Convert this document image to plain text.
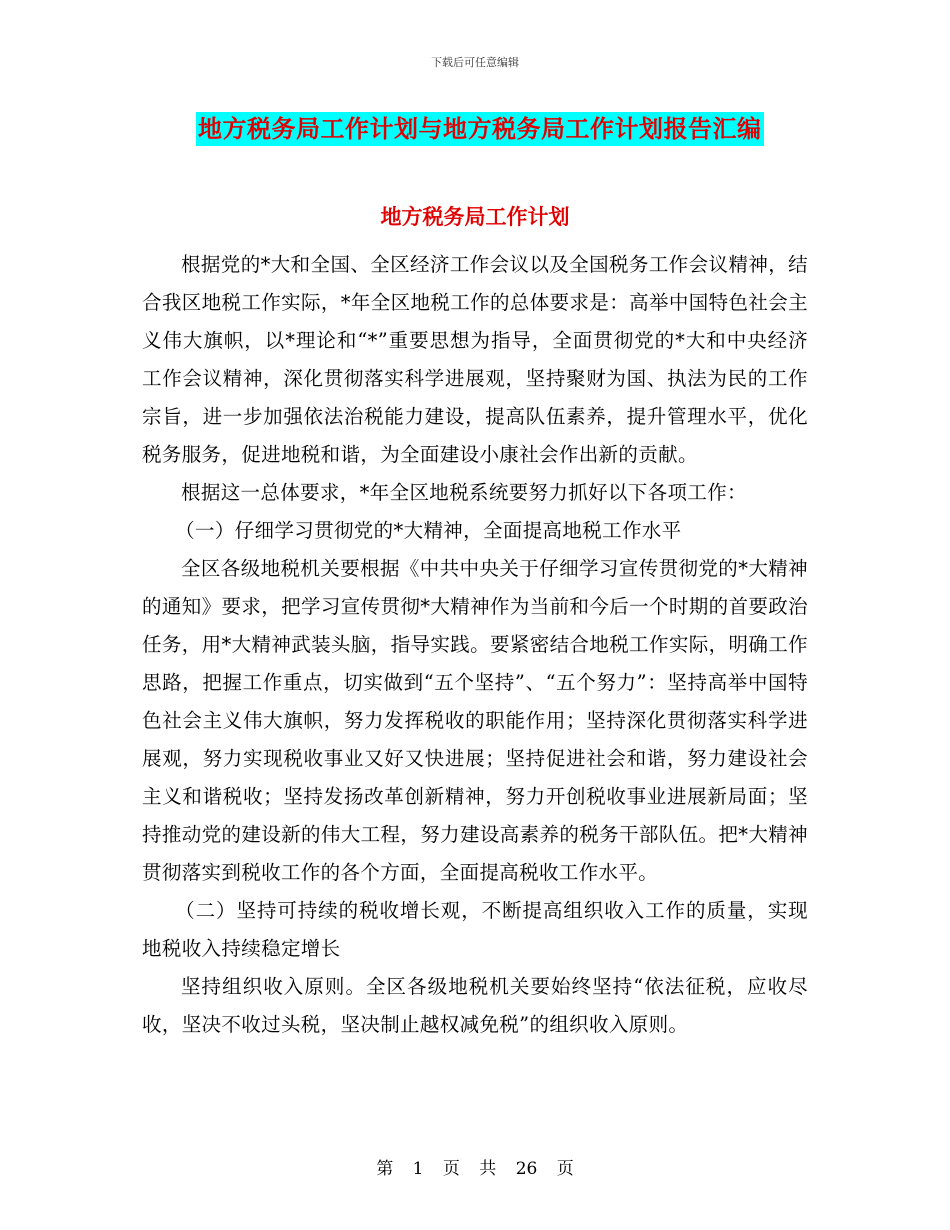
下载后可任意编辑
地方税务局工作计划与地方税务局工作计划报告汇编
地方税务局工作计划

根据党的*大和全国、全区经济工作会议以及全国税务工作会议精神，结合我区地税工作实际，*年全区地税工作的总体要求是：高举中国特色社会主义伟大旗帜，以*理论和“*”重要思想为指导，全面贯彻党的*大和中央经济工作会议精神，深化贯彻落实科学进展观，坚持聚财为国、执法为民的工作宗旨，进一步加强依法治税能力建设，提高队伍素养，提升管理水平，优化税务服务，促进地税和谐，为全面建设小康社会作出新的贡献。

根据这一总体要求，*年全区地税系统要努力抓好以下各项工作：

（一）仔细学习贯彻党的*大精神，全面提高地税工作水平

全区各级地税机关要根据《中共中央关于仔细学习宣传贯彻党的*大精神的通知》要求，把学习宣传贯彻*大精神作为当前和今后一个时期的首要政治任务，用*大精神武装头脑，指导实践。要紧密结合地税工作实际，明确工作思路，把握工作重点，切实做到“五个坚持”、“五个努力”：坚持高举中国特色社会主义伟大旗帜，努力发挥税收的职能作用；坚持深化贯彻落实科学进展观，努力实现税收事业又好又快进展；坚持促进社会和谐，努力建设社会主义和谐税收；坚持发扬改革创新精神，努力开创税收事业进展新局面；坚持推动党的建设新的伟大工程，努力建设高素养的税务干部队伍。把*大精神贯彻落实到税收工作的各个方面，全面提高税收工作水平。

（二）坚持可持续的税收增长观，不断提高组织收入工作的质量，实现地税收入持续稳定增长

坚持组织收入原则。全区各级地税机关要始终坚持“依法征税，应收尽收，坚决不收过头税，坚决制止越权减免税”的组织收入原则。

第 1 页 共 26 页
